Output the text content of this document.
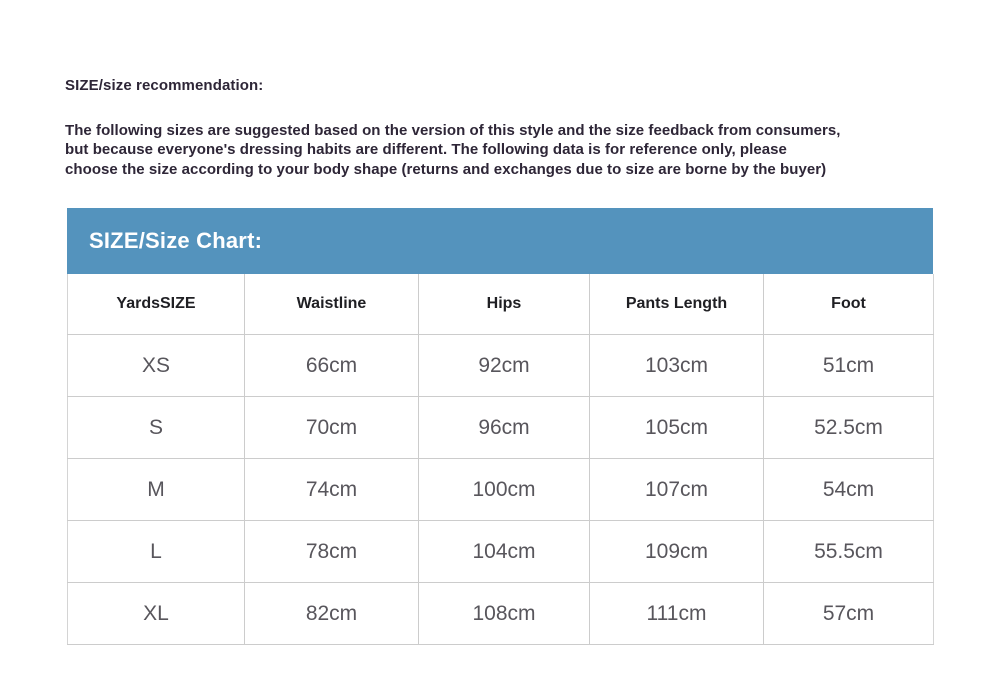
SIZE/size recommendation:
The following sizes are suggested based on the version of this style and the size feedback from consumers,
but because everyone's dressing habits are different. The following data is for reference only, please
choose the size according to your body shape (returns and exchanges due to size are borne by the buyer)
SIZE/Size Chart:
YardsSIZE	Waistline	Hips	Pants Length	Foot
XS	66cm	92cm	103cm	51cm
S	70cm	96cm	105cm	52.5cm
M	74cm	100cm	107cm	54cm
L	78cm	104cm	109cm	55.5cm
XL	82cm	108cm	111cm	57cm
